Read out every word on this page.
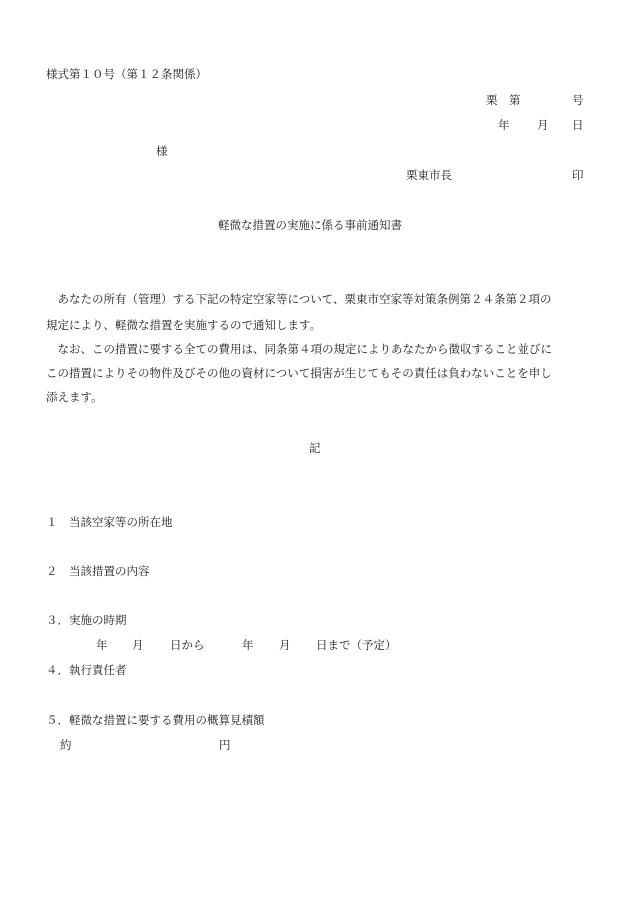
様式第１０号（第１２条関係）
栗　第	号
年 月 日
様
栗東市長	印
軽微な措置の実施に係る事前通知書
　あなたの所有（管理）する下記の特定空家等について、栗東市空家等対策条例第２４条第２項の
規定により、軽微な措置を実施するので通知します。
　なお、この措置に要する全ての費用は、同条第４項の規定によりあなたから徴収すること並びに
この措置によりその物件及びその他の資材について損害が生じてもその責任は負わないことを申し
添えます。
記
１　当該空家等の所在地
２　当該措置の内容
３．実施の時期
年 月 日から	年 月 日まで（予定）
４．執行責任者
５．軽微な措置に要する費用の概算見積額
約	円
